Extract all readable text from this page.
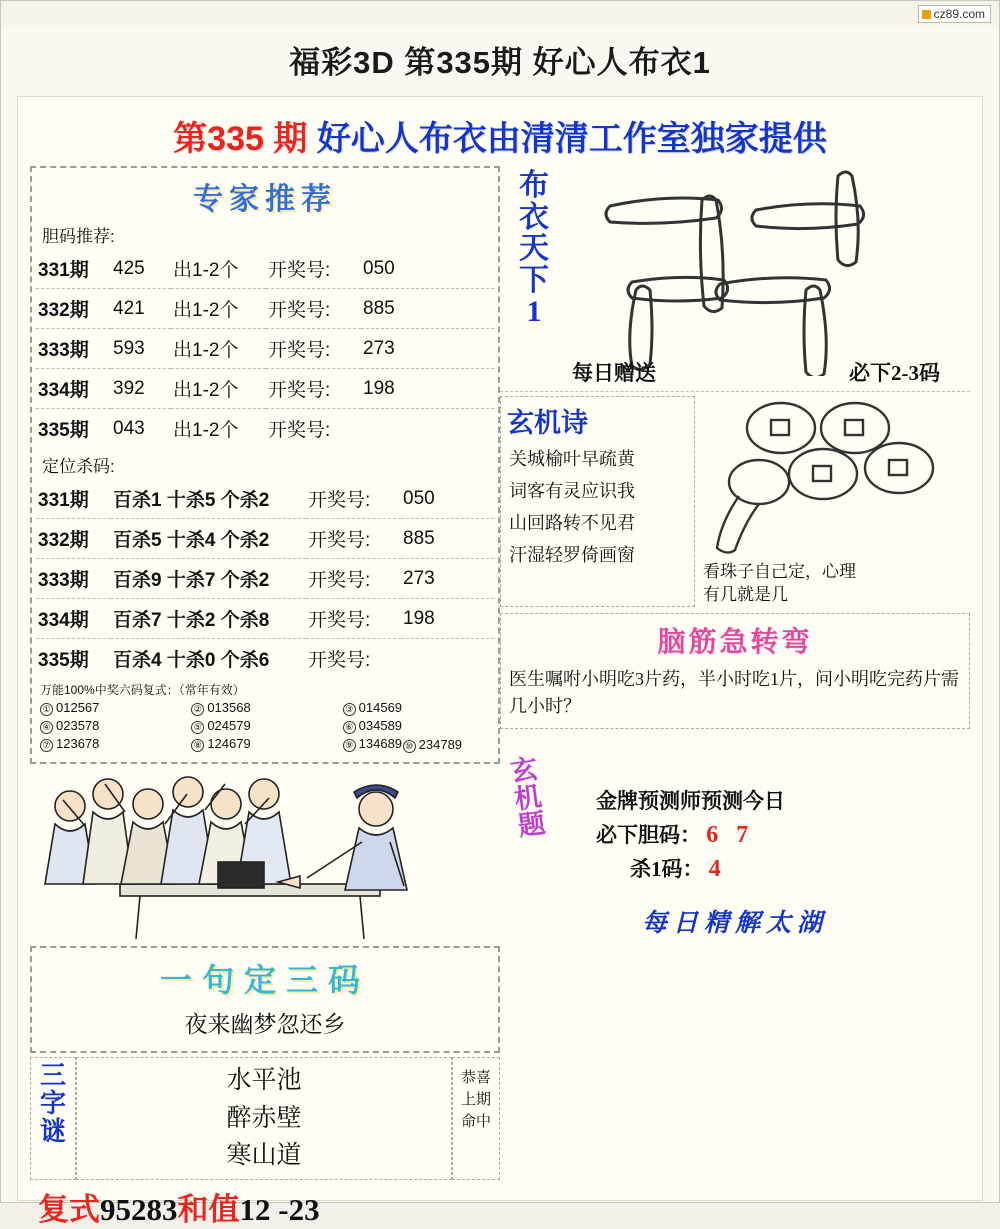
cz89.com
福彩3D 第335期 好心人布衣1
第335 期 好心人布衣由清清工作室独家提供
专家推荐
胆码推荐:
331期	425	出1-2个	开奖号:	050
332期	421	出1-2个	开奖号:	885
333期	593	出1-2个	开奖号:	273
334期	392	出1-2个	开奖号:	198
335期	043	出1-2个	开奖号:	
定位杀码:
331期	百杀1 十杀5 个杀2	开奖号:	050
332期	百杀5 十杀4 个杀2	开奖号:	885
333期	百杀9 十杀7 个杀2	开奖号:	273
334期	百杀7 十杀2 个杀8	开奖号:	198
335期	百杀4 十杀0 个杀6	开奖号:	
万能100%中奖六码复式：（常年有效）
① 012567	② 013568	③ 014569
④ 023578	⑤ 024579	⑥ 034589
⑦ 123678	⑧ 124679	⑨ 134689 ⑩ 234789
一句定三码
夜来幽梦忽还乡
三
字
谜
水平池
醉赤壁
寒山道
恭喜
上期
命中
复式95283和值12 -23
布
衣
天
下
1
每日赠送	必下2-3码
玄机诗
关城榆叶早疏黄
词客有灵应识我
山回路转不见君
汗湿轻罗倚画窗
看珠子自己定，心理
有几就是几
脑筋急转弯
医生嘱咐小明吃3片药，半小时吃1片，问小明吃完药片需几小时？
玄
机
题
金牌预测师预测今日
必下胆码： 6 7
杀1码： 4
每日精解太湖
